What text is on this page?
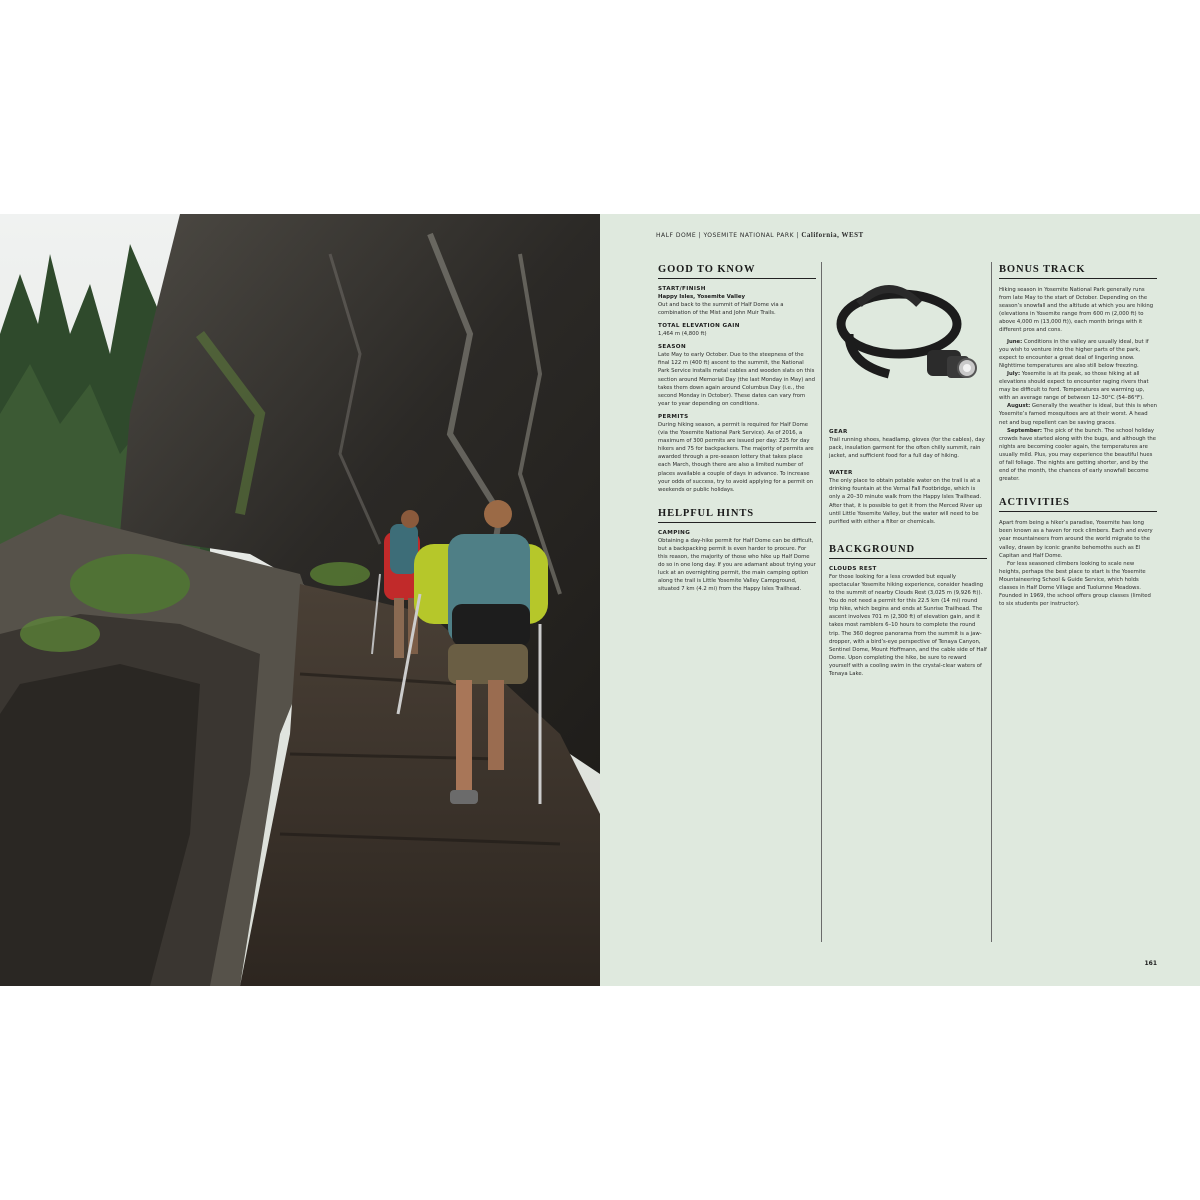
HALF DOME | YOSEMITE NATIONAL PARK | California, WEST
GOOD TO KNOW
START/FINISH

Happy Isles, Yosemite Valley

Out and back to the summit of Half Dome via a combination of the Mist and John Muir Trails.

TOTAL ELEVATION GAIN

1,464 m (4,800 ft)

SEASON

Late May to early October. Due to the steepness of the final 122 m (400 ft) ascent to the summit, the National Park Service installs metal cables and wooden slats on this section around Memorial Day (the last Monday in May) and takes them down again around Columbus Day (i.e., the second Monday in October). These dates can vary from year to year depending on conditions.

PERMITS

During hiking season, a permit is required for Half Dome (via the Yosemite National Park Service). As of 2016, a maximum of 300 permits are issued per day: 225 for day hikers and 75 for backpackers. The majority of permits are awarded through a pre-season lottery that takes place each March, though there are also a limited number of places available a couple of days in advance. To increase your odds of success, try to avoid applying for a permit on weekends or public holidays.

HELPFUL HINTS
CAMPING

Obtaining a day-hike permit for Half Dome can be difficult, but a backpacking permit is even harder to procure. For this reason, the majority of those who hike up Half Dome do so in one long day. If you are adamant about trying your luck at an overnighting permit, the main camping option along the trail is Little Yosemite Valley Campground, situated 7 km (4.2 mi) from the Happy Isles Trailhead.

GEAR

Trail running shoes, headlamp, gloves (for the cables), day pack, insulation garment for the often chilly summit, rain jacket, and sufficient food for a full day of hiking.

WATER

The only place to obtain potable water on the trail is at a drinking fountain at the Vernal Fall Footbridge, which is only a 20–30 minute walk from the Happy Isles Trailhead. After that, it is possible to get it from the Merced River up until Little Yosemite Valley, but the water will need to be purified with either a filter or chemicals.

BACKGROUND
CLOUDS REST

For those looking for a less crowded but equally spectacular Yosemite hiking experience, consider heading to the summit of nearby Clouds Rest (3,025 m (9,926 ft)). You do not need a permit for this 22.5 km (14 mi) round trip hike, which begins and ends at Sunrise Trailhead. The ascent involves 701 m (2,300 ft) of elevation gain, and it takes most ramblers 6–10 hours to complete the round trip. The 360 degree panorama from the summit is a jaw-dropper, with a bird’s-eye perspective of Tenaya Canyon, Sentinel Dome, Mount Hoffmann, and the cable side of Half Dome. Upon completing the hike, be sure to reward yourself with a cooling swim in the crystal-clear waters of Tenaya Lake.

BONUS TRACK

Hiking season in Yosemite National Park generally runs from late May to the start of October. Depending on the season’s snowfall and the altitude at which you are hiking (elevations in Yosemite range from 600 m (2,000 ft) to above 4,000 m (13,000 ft)), each month brings with it different pros and cons.

June: Conditions in the valley are usually ideal, but if you wish to venture into the higher parts of the park, expect to encounter a great deal of lingering snow. Nighttime temperatures are also still below freezing.

July: Yosemite is at its peak, so those hiking at all elevations should expect to encounter raging rivers that may be difficult to ford. Temperatures are warming up, with an average range of between 12–30°C (54–86°F).

August: Generally the weather is ideal, but this is when Yosemite’s famed mosquitoes are at their worst. A head net and bug repellent can be saving graces.

September: The pick of the bunch. The school holiday crowds have started along with the bugs, and although the nights are becoming cooler again, the temperatures are usually mild. Plus, you may experience the beautiful hues of fall foliage. The nights are getting shorter, and by the end of the month, the chances of early snowfall become greater.

ACTIVITIES

Apart from being a hiker’s paradise, Yosemite has long been known as a haven for rock climbers. Each and every year mountaineers from around the world migrate to the valley, drawn by iconic granite behemoths such as El Capitan and Half Dome.

For less seasoned climbers looking to scale new heights, perhaps the best place to start is the Yosemite Mountaineering School & Guide Service, which holds classes in Half Dome Village and Tuolumne Meadows. Founded in 1969, the school offers group classes (limited to six students per instructor).

161
